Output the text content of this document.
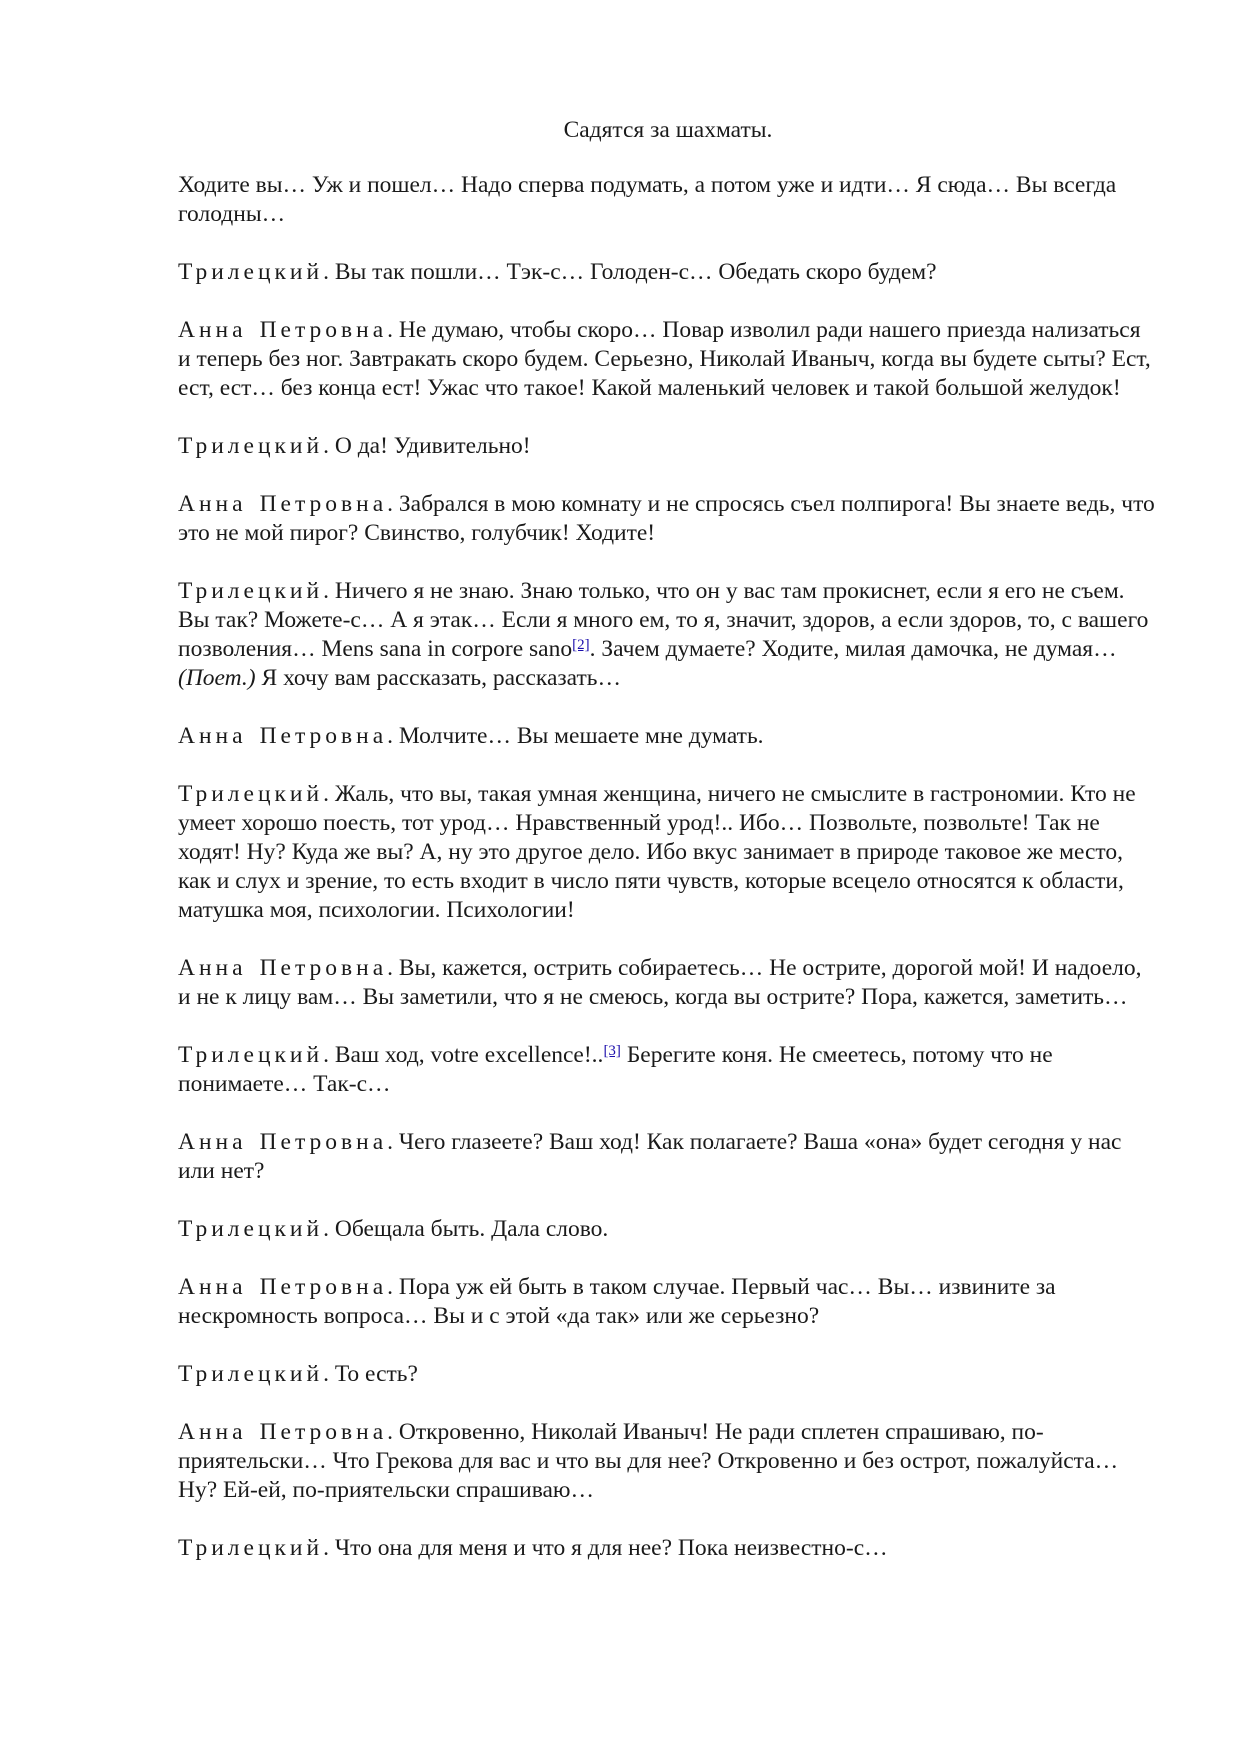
Садятся за шахматы.

Ходите вы… Уж и пошел… Надо сперва подумать, а потом уже и идти… Я сюда… Вы всегда голодны…

Трилецкий. Вы так пошли… Тэк-с… Голоден-с… Обедать скоро будем?

Анна Петровна. Не думаю, чтобы скоро… Повар изволил ради нашего приезда нализаться и теперь без ног. Завтракать скоро будем. Серьезно, Николай Иваныч, когда вы будете сыты? Ест, ест, ест… без конца ест! Ужас что такое! Какой маленький человек и такой большой желудок!

Трилецкий. О да! Удивительно!

Анна Петровна. Забрался в мою комнату и не спросясь съел полпирога! Вы знаете ведь, что это не мой пирог? Свинство, голубчик! Ходите!

Трилецкий. Ничего я не знаю. Знаю только, что он у вас там прокиснет, если я его не съем. Вы так? Можете-с… А я этак… Если я много ем, то я, значит, здоров, а если здоров, то, с вашего позволения… Mens sana in corpore sano[2]. Зачем думаете? Ходите, милая дамочка, не думая… (Поет.) Я хочу вам рассказать, рассказать…

Анна Петровна. Молчите… Вы мешаете мне думать.

Трилецкий. Жаль, что вы, такая умная женщина, ничего не смыслите в гастрономии. Кто не умеет хорошо поесть, тот урод… Нравственный урод!.. Ибо… Позвольте, позвольте! Так не ходят! Ну? Куда же вы? А, ну это другое дело. Ибо вкус занимает в природе таковое же место, как и слух и зрение, то есть входит в число пяти чувств, которые всецело относятся к области, матушка моя, психологии. Психологии!

Анна Петровна. Вы, кажется, острить собираетесь… Не острите, дорогой мой! И надоело, и не к лицу вам… Вы заметили, что я не смеюсь, когда вы острите? Пора, кажется, заметить…

Трилецкий. Ваш ход, votre excellence!..[3] Берегите коня. Не смеетесь, потому что не понимаете… Так-с…

Анна Петровна. Чего глазеете? Ваш ход! Как полагаете? Ваша «она» будет сегодня у нас или нет?

Трилецкий. Обещала быть. Дала слово.

Анна Петровна. Пора уж ей быть в таком случае. Первый час… Вы… извините за нескромность вопроса… Вы и с этой «да так» или же серьезно?

Трилецкий. То есть?

Анна Петровна. Откровенно, Николай Иваныч! Не ради сплетен спрашиваю, по-приятельски… Что Грекова для вас и что вы для нее? Откровенно и без острот, пожалуйста… Ну? Ей-ей, по-приятельски спрашиваю…

Трилецкий. Что она для меня и что я для нее? Пока неизвестно-с…
